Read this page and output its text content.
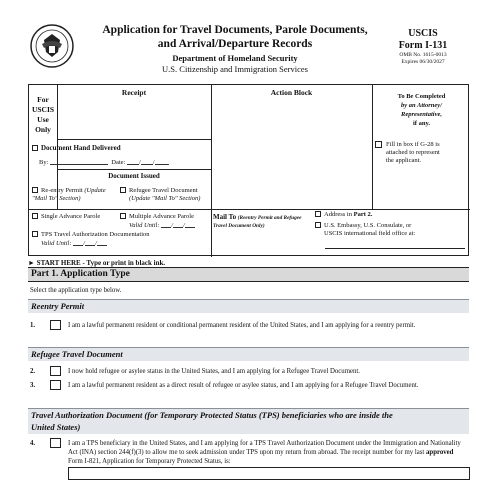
Application for Travel Documents, Parole Documents,
and Arrival/Departure Records
Department of Homeland Security
U.S. Citizenship and Immigration Services
USCIS
Form I-131
OMB No. 1615-0013
Expires 06/30/2027
For
USCIS
Use
Only
Receipt	Action Block	To Be Completed
by an Attorney/
Representative,
if any.
Fill in box if G-28 is
attached to represent
the applicant.
Document Hand Delivered
By:	Date: / /
Document Issued
Re-entry Permit (Update "Mail To" Section)
Refugee Travel Document
(Update "Mail To" Section)
Single Advance Parole	Multiple Advance Parole
Valid Until: / /
TPS Travel Authorization Documentation
Valid Until: / /
Mail To (Reentry Permit and Refugee Travel Document Only)
Address in Part 2.
U.S. Embassy, U.S. Consulate, or
USCIS international field office at:
► START HERE - Type or print in black ink.
Part 1. Application Type
Select the application type below.
Reentry Permit
1.	I am a lawful permanent resident or conditional permanent resident of the United States, and I am applying for a reentry permit.
Refugee Travel Document
2.	I now hold refugee or asylee status in the United States, and I am applying for a Refugee Travel Document.
3.	I am a lawful permanent resident as a direct result of refugee or asylee status, and I am applying for a Refugee Travel Document.
Travel Authorization Document (for Temporary Protected Status (TPS) beneficiaries who are inside the
United States)
4.	I am a TPS beneficiary in the United States, and I am applying for a TPS Travel Authorization Document under the Immigration and Nationality Act (INA) section 244(f)(3) to allow me to seek admission under TPS upon my return from abroad. The receipt number for my last approved Form I-821, Application for Temporary Protected Status, is:
